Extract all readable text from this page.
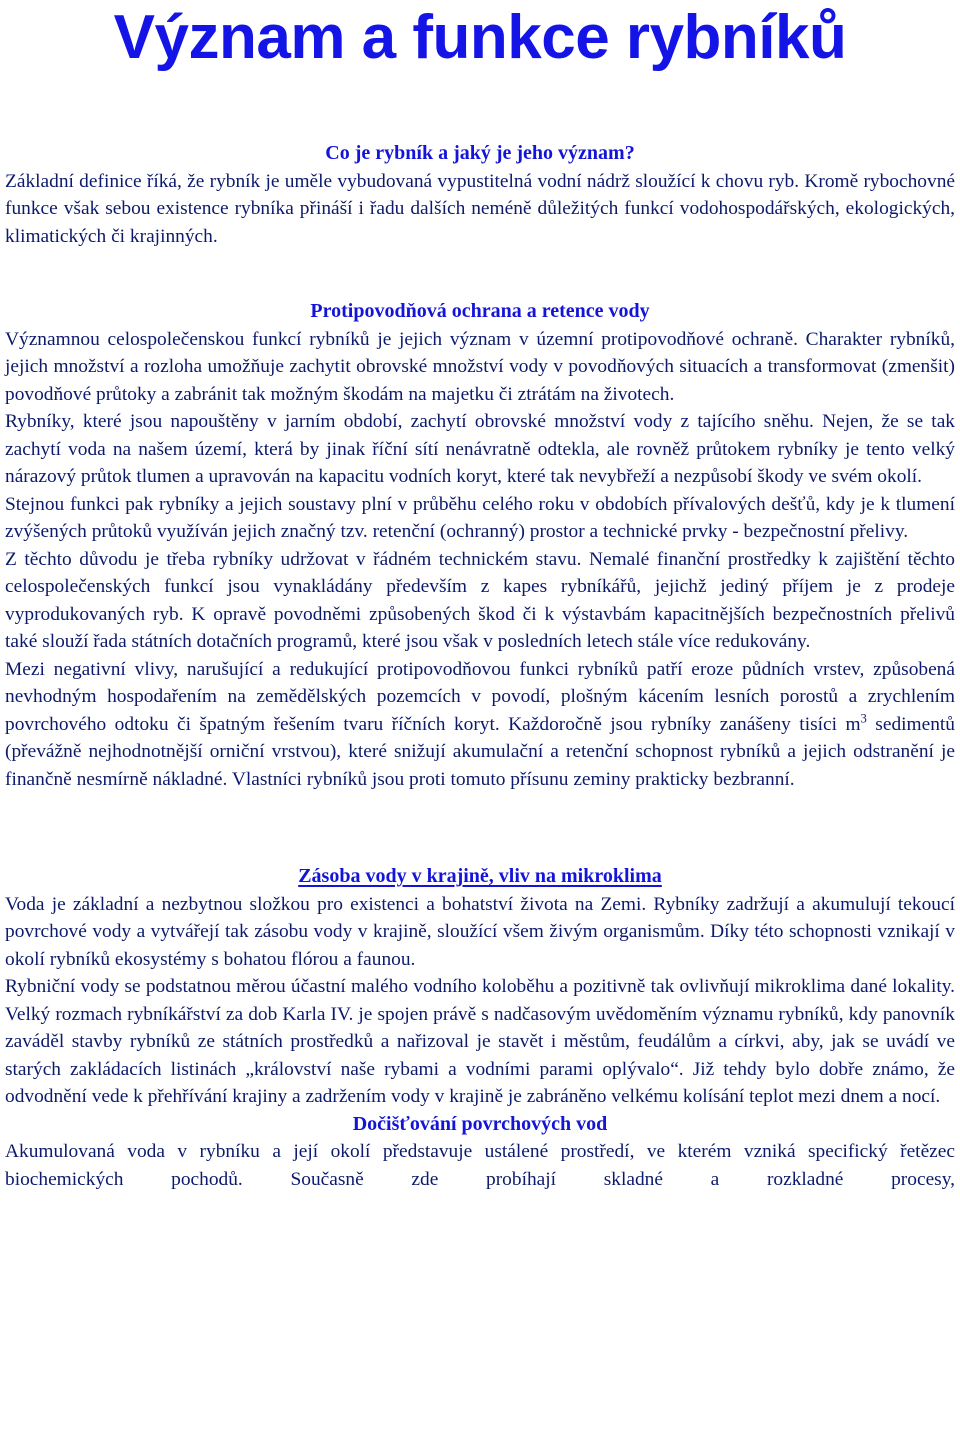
Význam a funkce rybníků
Co je rybník a jaký je jeho význam?

Základní definice říká, že rybník je uměle vybudovaná vypustitelná vodní nádrž sloužící k chovu ryb. Kromě rybochovné funkce však sebou existence rybníka přináší i řadu dalších neméně důležitých funkcí vodohospodářských, ekologických, klimatických či krajinných.

Protipovodňová ochrana a retence vody

Významnou celospolečenskou funkcí rybníků je jejich význam v územní protipovodňové ochraně. Charakter rybníků, jejich množství a rozloha umožňuje zachytit obrovské množství vody v povodňových situacích a transformovat (zmenšit) povodňové průtoky a zabránit tak možným škodám na majetku či ztrátám na životech.

Rybníky, které jsou napouštěny v jarním období, zachytí obrovské množství vody z tajícího sněhu. Nejen, že se tak zachytí voda na našem území, která by jinak říční sítí nenávratně odtekla, ale rovněž průtokem rybníky je tento velký nárazový průtok tlumen a upravován na kapacitu vodních koryt, které tak nevybřeží a nezpůsobí škody ve svém okolí.

Stejnou funkci pak rybníky a jejich soustavy plní v průběhu celého roku v obdobích přívalových dešťů, kdy je k tlumení zvýšených průtoků využíván jejich značný tzv. retenční (ochranný) prostor a technické prvky - bezpečnostní přelivy.

Z těchto důvodu je třeba rybníky udržovat v řádném technickém stavu. Nemalé finanční prostředky k zajištění těchto celospolečenských funkcí jsou vynakládány především z kapes rybníkářů, jejichž jediný příjem je z prodeje vyprodukovaných ryb. K opravě povodněmi způsobených škod či k výstavbám kapacitnějších bezpečnostních přelivů také slouží řada státních dotačních programů, které jsou však v posledních letech stále více redukovány.

Mezi negativní vlivy, narušující a redukující protipovodňovou funkci rybníků patří eroze půdních vrstev, způsobená nevhodným hospodařením na zemědělských pozemcích v povodí, plošným kácením lesních porostů a zrychlením povrchového odtoku či špatným řešením tvaru říčních koryt. Každoročně jsou rybníky zanášeny tisíci $m^3$ sedimentů (převážně nejhodnotnější orniční vrstvou), které snižují akumulační a retenční schopnost rybníků a jejich odstranění je finančně nesmírně nákladné. Vlastníci rybníků jsou proti tomuto přísunu zeminy prakticky bezbranní.

Zásoba vody v krajině, vliv na mikroklima

Voda je základní a nezbytnou složkou pro existenci a bohatství života na Zemi. Rybníky zadržují a akumulují tekoucí povrchové vody a vytvářejí tak zásobu vody v krajině, sloužící všem živým organismům. Díky této schopnosti vznikají v okolí rybníků ekosystémy s bohatou flórou a faunou.

Rybniční vody se podstatnou měrou účastní malého vodního koloběhu a pozitivně tak ovlivňují mikroklima dané lokality. Velký rozmach rybníkářství za dob Karla IV. je spojen právě s nadčasovým uvědoměním významu rybníků, kdy panovník zaváděl stavby rybníků ze státních prostředků a nařizoval je stavět i městům, feudálům a církvi, aby, jak se uvádí ve starých zakládacích listinách „království naše rybami a vodními parami oplývalo“. Již tehdy bylo dobře známo, že odvodnění vede k přehřívání krajiny a zadržením vody v krajině je zabráněno velkému kolísání teplot mezi dnem a nocí.

Dočišťování povrchových vod

Akumulovaná voda v rybníku a její okolí představuje ustálené prostředí, ve kterém vzniká specifický řetězec biochemických pochodů. Současně zde probíhají skladné a rozkladné procesy,
